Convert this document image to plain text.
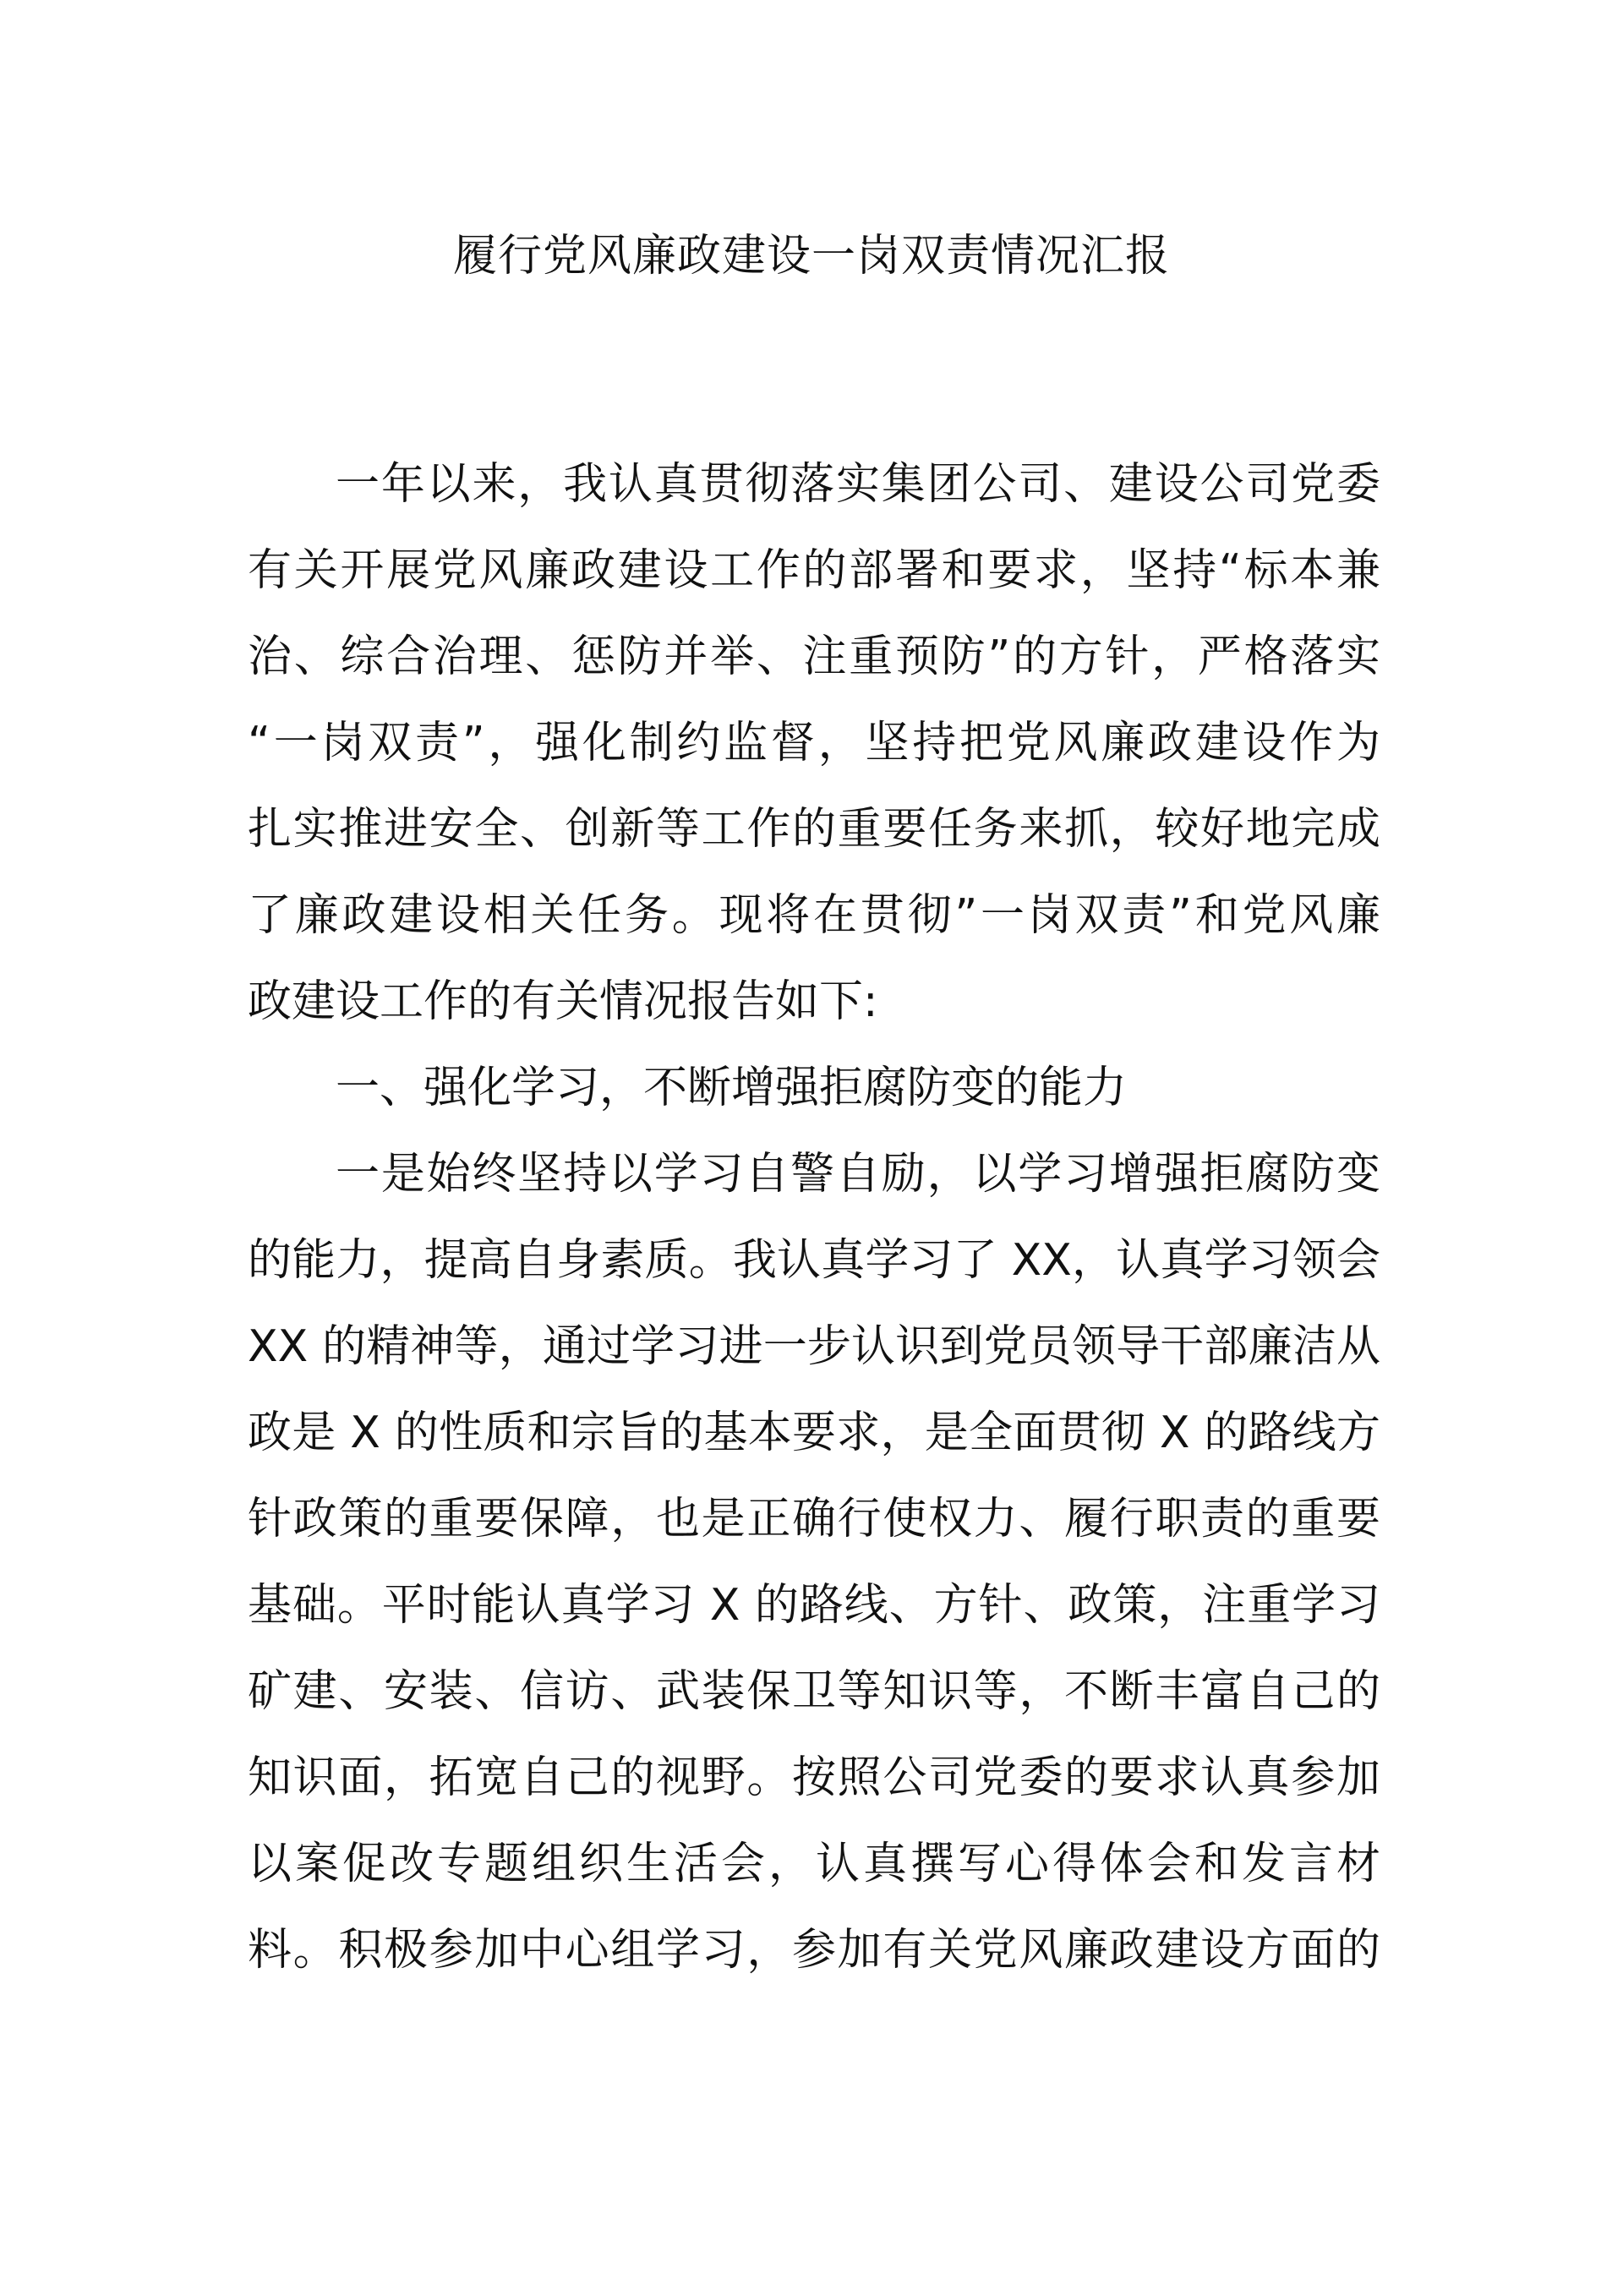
履行党风廉政建设一岗双责情况汇报

一年以来，我认真贯彻落实集团公司、建设公司党委

有关开展党风廉政建设工作的部署和要求，坚持“标本兼

治、综合治理、惩防并举、注重预防”的方针，严格落实

“一岗双责”，强化制约监督，坚持把党风廉政建设作为

扎实推进安全、创新等工作的重要任务来抓，较好地完成

了廉政建设相关任务。现将在贯彻”一岗双责”和党风廉

政建设工作的有关情况报告如下:

一、强化学习，不断增强拒腐防变的能力

一是始终坚持以学习自警自励，以学习增强拒腐防变

的能力，提高自身素质。我认真学习了 XX，认真学习领会

XX 的精神等，通过学习进一步认识到党员领导干部廉洁从

政是 X 的性质和宗旨的基本要求，是全面贯彻 X 的路线方

针政策的重要保障，也是正确行使权力、履行职责的重要

基础。平时能认真学习 X 的路线、方针、政策，注重学习

矿建、安装、信访、武装保卫等知识等，不断丰富自己的

知识面，拓宽自己的视野。按照公司党委的要求认真参加

以案促改专题组织生活会，认真撰写心得体会和发言材

料。积极参加中心组学习，参加有关党风廉政建设方面的
